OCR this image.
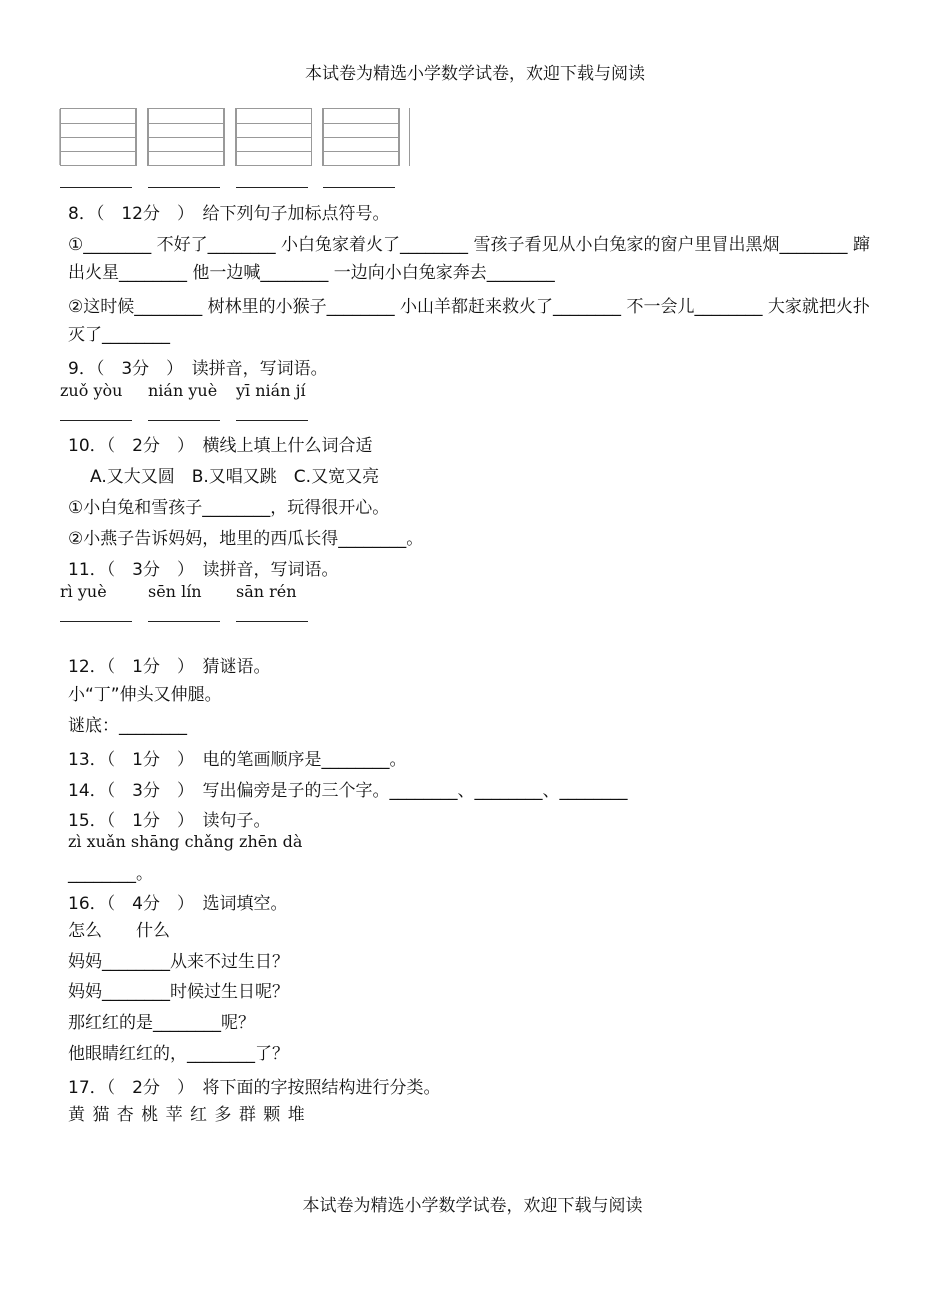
本试卷为精选小学数学试卷，欢迎下载与阅读
8．（　12分　）　给下列句子加标点符号。
①________ 不好了________ 小白兔家着火了________ 雪孩子看见从小白兔家的窗户里冒出黑烟________ 蹿
出火星________ 他一边喊________ 一边向小白兔家奔去________
②这时候________ 树林里的小猴子________ 小山羊都赶来救火了________ 不一会儿________ 大家就把火扑
灭了________
9．（　3分　）　读拼音，写词语。
zuǒ yòu nián yuè yī nián jí
10．（　2分　）　横线上填上什么词合适
A.又大又圆　B.又唱又跳　C.又宽又亮
①小白兔和雪孩子________，玩得很开心。
②小燕子告诉妈妈，地里的西瓜长得________。
11．（　3分　）　读拼音，写词语。
rì yuè	sēn lín sān rén
12．（　1分　）　猜谜语。
小“丁”伸头又伸腿。
谜底：________
13．（　1分　）　电的笔画顺序是________。
14．（　3分　）　写出偏旁是子的三个字。________、________、________
15．（　1分　）　读句子。
zì xuǎn shāng chǎng zhēn dà
________。
16．（　4分　）　选词填空。
怎么　　什么
妈妈________从来不过生日？
妈妈________时候过生日呢？
那红红的是________呢？
他眼睛红红的，________了？
17．（　2分　）　将下面的字按照结构进行分类。
黄 猫 杏 桃 苹 红 多 群 颗 堆
本试卷为精选小学数学试卷，欢迎下载与阅读
